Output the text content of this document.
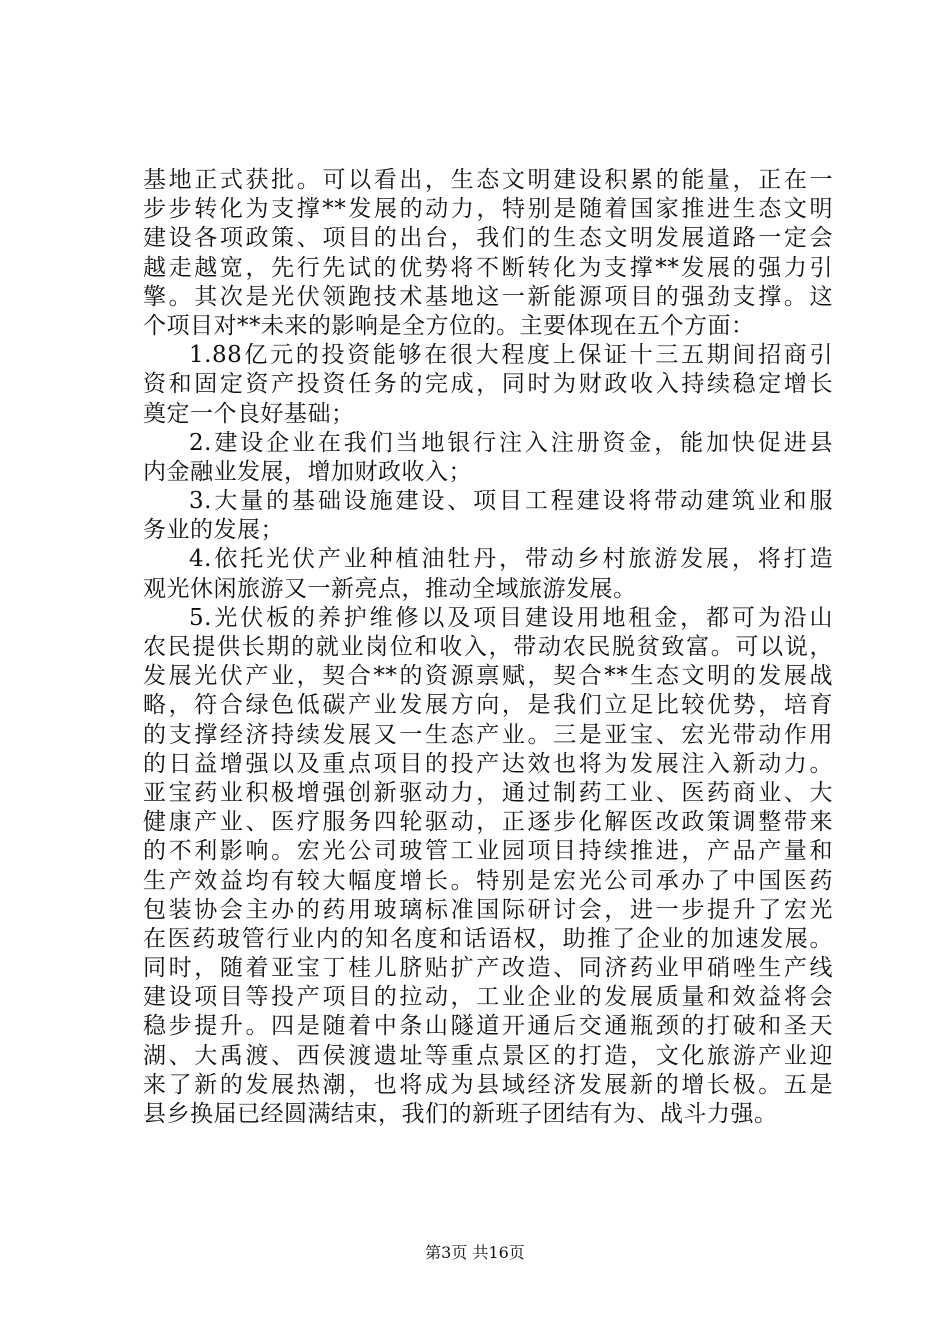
基地正式获批。可以看出，生态文明建设积累的能量，正在一
步步转化为支撑**发展的动力，特别是随着国家推进生态文明
建设各项政策、项目的出台，我们的生态文明发展道路一定会
越走越宽，先行先试的优势将不断转化为支撑**发展的强力引
擎。其次是光伏领跑技术基地这一新能源项目的强劲支撑。这
个项目对**未来的影响是全方位的。主要体现在五个方面：
1.88亿元的投资能够在很大程度上保证十三五期间招商引
资和固定资产投资任务的完成，同时为财政收入持续稳定增长
奠定一个良好基础；
2.建设企业在我们当地银行注入注册资金，能加快促进县
内金融业发展，增加财政收入；
3.大量的基础设施建设、项目工程建设将带动建筑业和服
务业的发展；
4.依托光伏产业种植油牡丹，带动乡村旅游发展，将打造
观光休闲旅游又一新亮点，推动全域旅游发展。
5.光伏板的养护维修以及项目建设用地租金，都可为沿山
农民提供长期的就业岗位和收入，带动农民脱贫致富。可以说，
发展光伏产业，契合**的资源禀赋，契合**生态文明的发展战
略，符合绿色低碳产业发展方向，是我们立足比较优势，培育
的支撑经济持续发展又一生态产业。三是亚宝、宏光带动作用
的日益增强以及重点项目的投产达效也将为发展注入新动力。
亚宝药业积极增强创新驱动力，通过制药工业、医药商业、大
健康产业、医疗服务四轮驱动，正逐步化解医改政策调整带来
的不利影响。宏光公司玻管工业园项目持续推进，产品产量和
生产效益均有较大幅度增长。特别是宏光公司承办了中国医药
包装协会主办的药用玻璃标准国际研讨会，进一步提升了宏光
在医药玻管行业内的知名度和话语权，助推了企业的加速发展。
同时，随着亚宝丁桂儿脐贴扩产改造、同济药业甲硝唑生产线
建设项目等投产项目的拉动，工业企业的发展质量和效益将会
稳步提升。四是随着中条山隧道开通后交通瓶颈的打破和圣天
湖、大禹渡、西侯渡遗址等重点景区的打造，文化旅游产业迎
来了新的发展热潮，也将成为县域经济发展新的增长极。五是
县乡换届已经圆满结束，我们的新班子团结有为、战斗力强。
第3页 共16页
